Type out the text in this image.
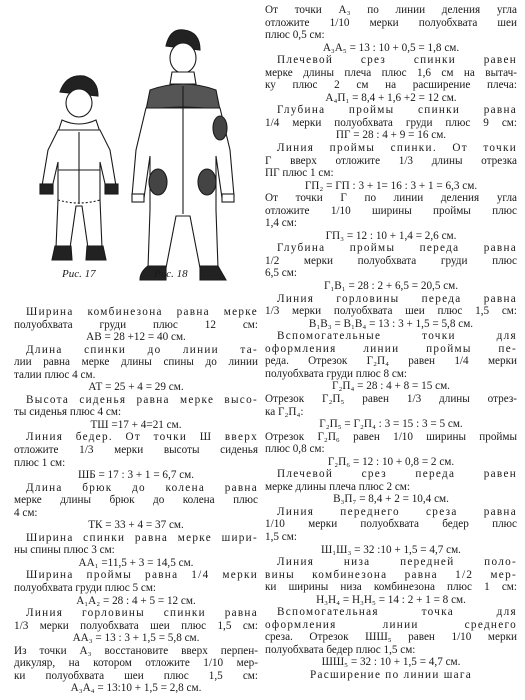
Рис. 17	Рис. 18
Ширина комбинезона равна мерке
полуобхвата груди плюс 12 см:
АВ = 28 +12 = 40 см.
Длина спинки до линии та-
лии равна мерке длины спины до линии
талии плюс 4 см.
АТ = 25 + 4 = 29 см.
Высота сиденья равна мерке высо-
ты сиденья плюс 4 см:
ТШ =17 + 4=21 см.
Линия бедер. От точки Ш вверх
отложите 1/3 мерки высоты сиденья
плюс 1 см:
ШБ = 17 : 3 + 1 = 6,7 см.
Длина брюк до колена равна
мерке длины брюк до колена плюс
4 см:
ТК = 33 + 4 = 37 см.
Ширина спинки равна мерке шири-
ны спины плюс 3 см:
АА₁ =11,5 + 3 = 14,5 см.
Ширина проймы равна 1/4 мерки
полуобхвата груди плюс 5 см:
А₁А₂ = 28 : 4 + 5 = 12 см.
Линия горловины спинки равна
1/3 мерки полуобхвата шеи плюс 1,5 см:
АА₃ = 13 : 3 + 1,5 = 5,8 см.
Из точки А₃ восстановите вверх перпен-
дикуляр, на котором отложите 1/10 мер-
ки полуобхвата шеи плюс 1,5 см:
А₃А₄ = 13:10 + 1,5 = 2,8 см.
От точки А₃ по линии деления угла
отложите 1/10 мерки полуобхвата шеи
плюс 0,5 см:
А₃А₅ = 13 : 10 + 0,5 = 1,8 см.
Плечевой срез спинки равен
мерке длины плеча плюс 1,6 см на вытач-
ку плюс 2 см на расширение плеча:
А₄П₁ = 8,4 + 1,6 +2 = 12 см.
Глубина проймы спинки равна
1/4 мерки полуобхвата груди плюс 9 см:
ПГ = 28 : 4 + 9 = 16 см.
Линия проймы спинки. От точки
Г вверх отложите 1/3 длины отрезка
ПГ плюс 1 см:
ГП₂ = ГП : 3 + 1= 16 : 3 + 1 = 6,3 см.
От точки Г по линии деления угла
отложите 1/10 ширины проймы плюс
1,4 см:
ГП₃ = 12 : 10 + 1,4 = 2,6 см.
Глубина проймы переда равна
1/2 мерки полуобхвата груди плюс
6,5 см:
Г₁В₁ = 28 : 2 + 6,5 = 20,5 см.
Линия горловины переда равна
1/3 мерки полуобхвата шеи плюс 1,5 см:
В₁В₃ = В₁В₄ = 13 : 3 + 1,5 = 5,8 см.
Вспомогательные точки для
оформления линии проймы пе-
реда. Отрезок Г₂П₄ равен 1/4 мерки
полуобхвата груди плюс 8 см:
Г₂П₄ = 28 : 4 + 8 = 15 см.
Отрезок Г₂П₅ равен 1/3 длины отрез-
ка Г₂П₄:
Г₂П₅ = Г₂П₄ : 3 = 15 : 3 = 5 см.
Отрезок Г₂П₆ равен 1/10 ширины проймы
плюс 0,8 см:
Г₂П₆ = 12 : 10 + 0,8 = 2 см.
Плечевой срез переда равен
мерке длины плеча плюс 2 см:
В₃П₇ = 8,4 + 2 = 10,4 см.
Линия переднего среза равна
1/10 мерки полуобхвата бедер плюс
1,5 см:
Ш₁Ш₃ = 32 :10 + 1,5 = 4,7 см.
Линия низа передней поло-
вины комбинезона равна 1/2 мер-
ки ширины низа комбинезона плюс 1 см:
Н₃Н₄ = Н₃Н₅ = 14 : 2 + 1 = 8 см.
Вспомогательная точка для
оформления линии среднего
среза. Отрезок ШШ₅ равен 1/10 мерки
полуобхвата бедер плюс 1,5 см:
ШШ₅ = 32 : 10 + 1,5 = 4,7 см.
Расширение по линии шага
